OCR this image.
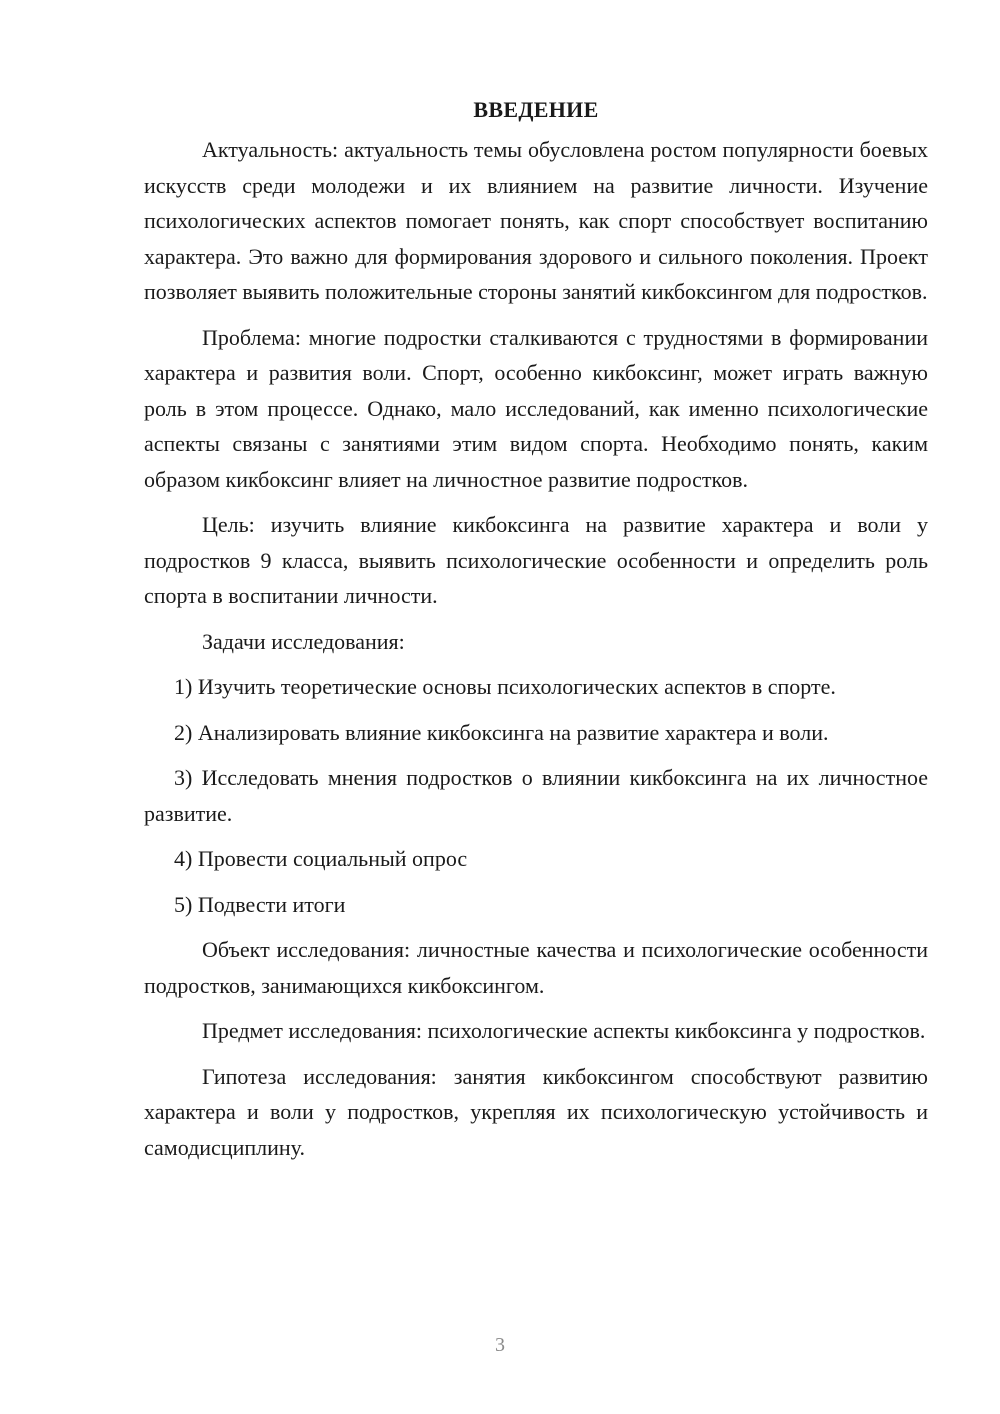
ВВЕДЕНИЕ

Актуальность: актуальность темы обусловлена ростом популярности боевых искусств среди молодежи и их влиянием на развитие личности. Изучение психологических аспектов помогает понять, как спорт способствует воспитанию характера. Это важно для формирования здорового и сильного поколения. Проект позволяет выявить положительные стороны занятий кикбоксингом для подростков.

Проблема: многие подростки сталкиваются с трудностями в формировании характера и развития воли. Спорт, особенно кикбоксинг, может играть важную роль в этом процессе. Однако, мало исследований, как именно психологические аспекты связаны с занятиями этим видом спорта. Необходимо понять, каким образом кикбоксинг влияет на личностное развитие подростков.

Цель: изучить влияние кикбоксинга на развитие характера и воли у подростков 9 класса, выявить психологические особенности и определить роль спорта в воспитании личности.

Задачи исследования:

1) Изучить теоретические основы психологических аспектов в спорте.

2) Анализировать влияние кикбоксинга на развитие характера и воли.

3) Исследовать мнения подростков о влиянии кикбоксинга на их личностное развитие.

4) Провести социальный опрос

5) Подвести итоги

Объект исследования: личностные качества и психологические особенности подростков, занимающихся кикбоксингом.

Предмет исследования: психологические аспекты кикбоксинга у подростков.

Гипотеза исследования: занятия кикбоксингом способствуют развитию характера и воли у подростков, укрепляя их психологическую устойчивость и самодисциплину.

3
